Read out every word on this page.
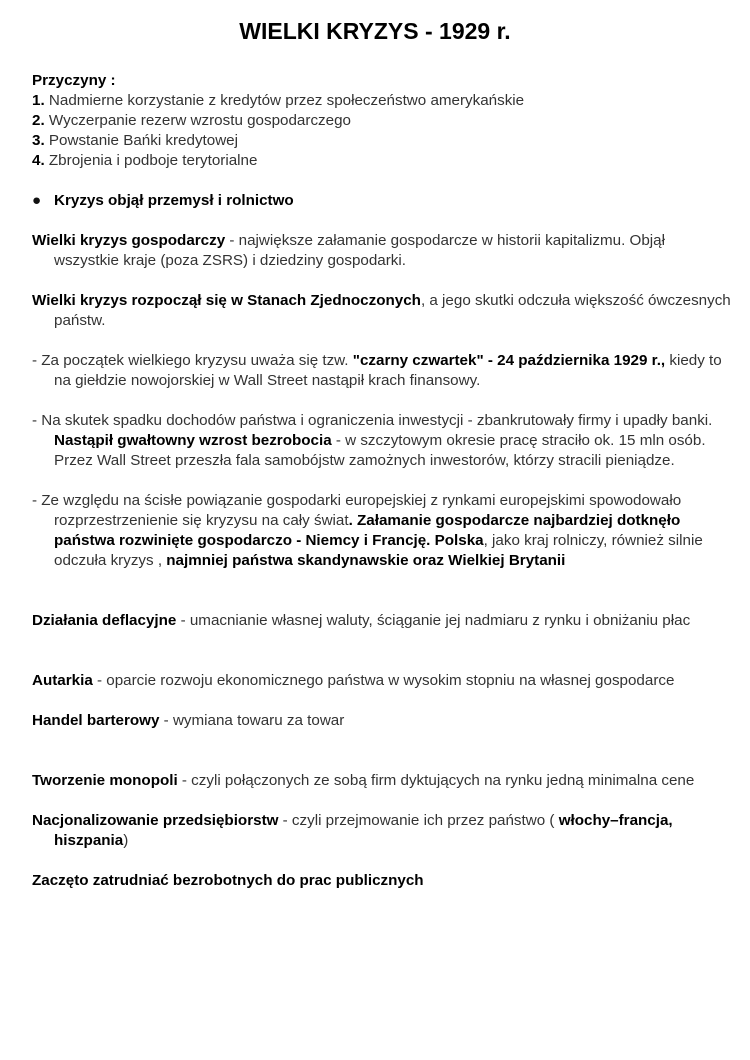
WIELKI KRYZYS - 1929 r.
Przyczyny :
1. Nadmierne korzystanie z kredytów przez społeczeństwo amerykańskie
2. Wyczerpanie rezerw wzrostu gospodarczego
3. Powstanie Bańki kredytowej
4. Zbrojenia i podboje terytorialne
● Kryzys objął przemysł i rolnictwo
Wielki kryzys gospodarczy - największe załamanie gospodarcze w historii kapitalizmu. Objął wszystkie kraje (poza ZSRS) i dziedziny gospodarki.
Wielki kryzys rozpoczął się w Stanach Zjednoczonych, a jego skutki odczuła większość ówczesnych państw.
- Za początek wielkiego kryzysu uważa się tzw. "czarny czwartek" - 24 października 1929 r., kiedy to na giełdzie nowojorskiej w Wall Street nastąpił krach finansowy.
- Na skutek spadku dochodów państwa i ograniczenia inwestycji - zbankrutowały firmy i upadły banki. Nastąpił gwałtowny wzrost bezrobocia - w szczytowym okresie pracę straciło ok. 15 mln osób. Przez Wall Street przeszła fala samobójstw zamożnych inwestorów, którzy stracili pieniądze.
- Ze względu na ścisłe powiązanie gospodarki europejskiej z rynkami europejskimi spowodowało rozprzestrzenienie się kryzysu na cały świat. Załamanie gospodarcze najbardziej dotknęło państwa rozwinięte gospodarczo - Niemcy i Francję. Polska, jako kraj rolniczy, również silnie odczuła kryzys , najmniej państwa skandynawskie oraz Wielkiej Brytanii
Działania deflacyjne - umacnianie własnej waluty, ściąganie jej nadmiaru z rynku i obniżaniu płac
Autarkia - oparcie rozwoju ekonomicznego państwa w wysokim stopniu na własnej gospodarce
Handel barterowy - wymiana towaru za towar
Tworzenie monopoli - czyli połączonych ze sobą firm dyktujących na rynku jedną minimalna cene
Nacjonalizowanie przedsiębiorstw - czyli przejmowanie ich przez państwo ( włochy–francja, hiszpania)
Zaczęto zatrudniać bezrobotnych do prac publicznych
